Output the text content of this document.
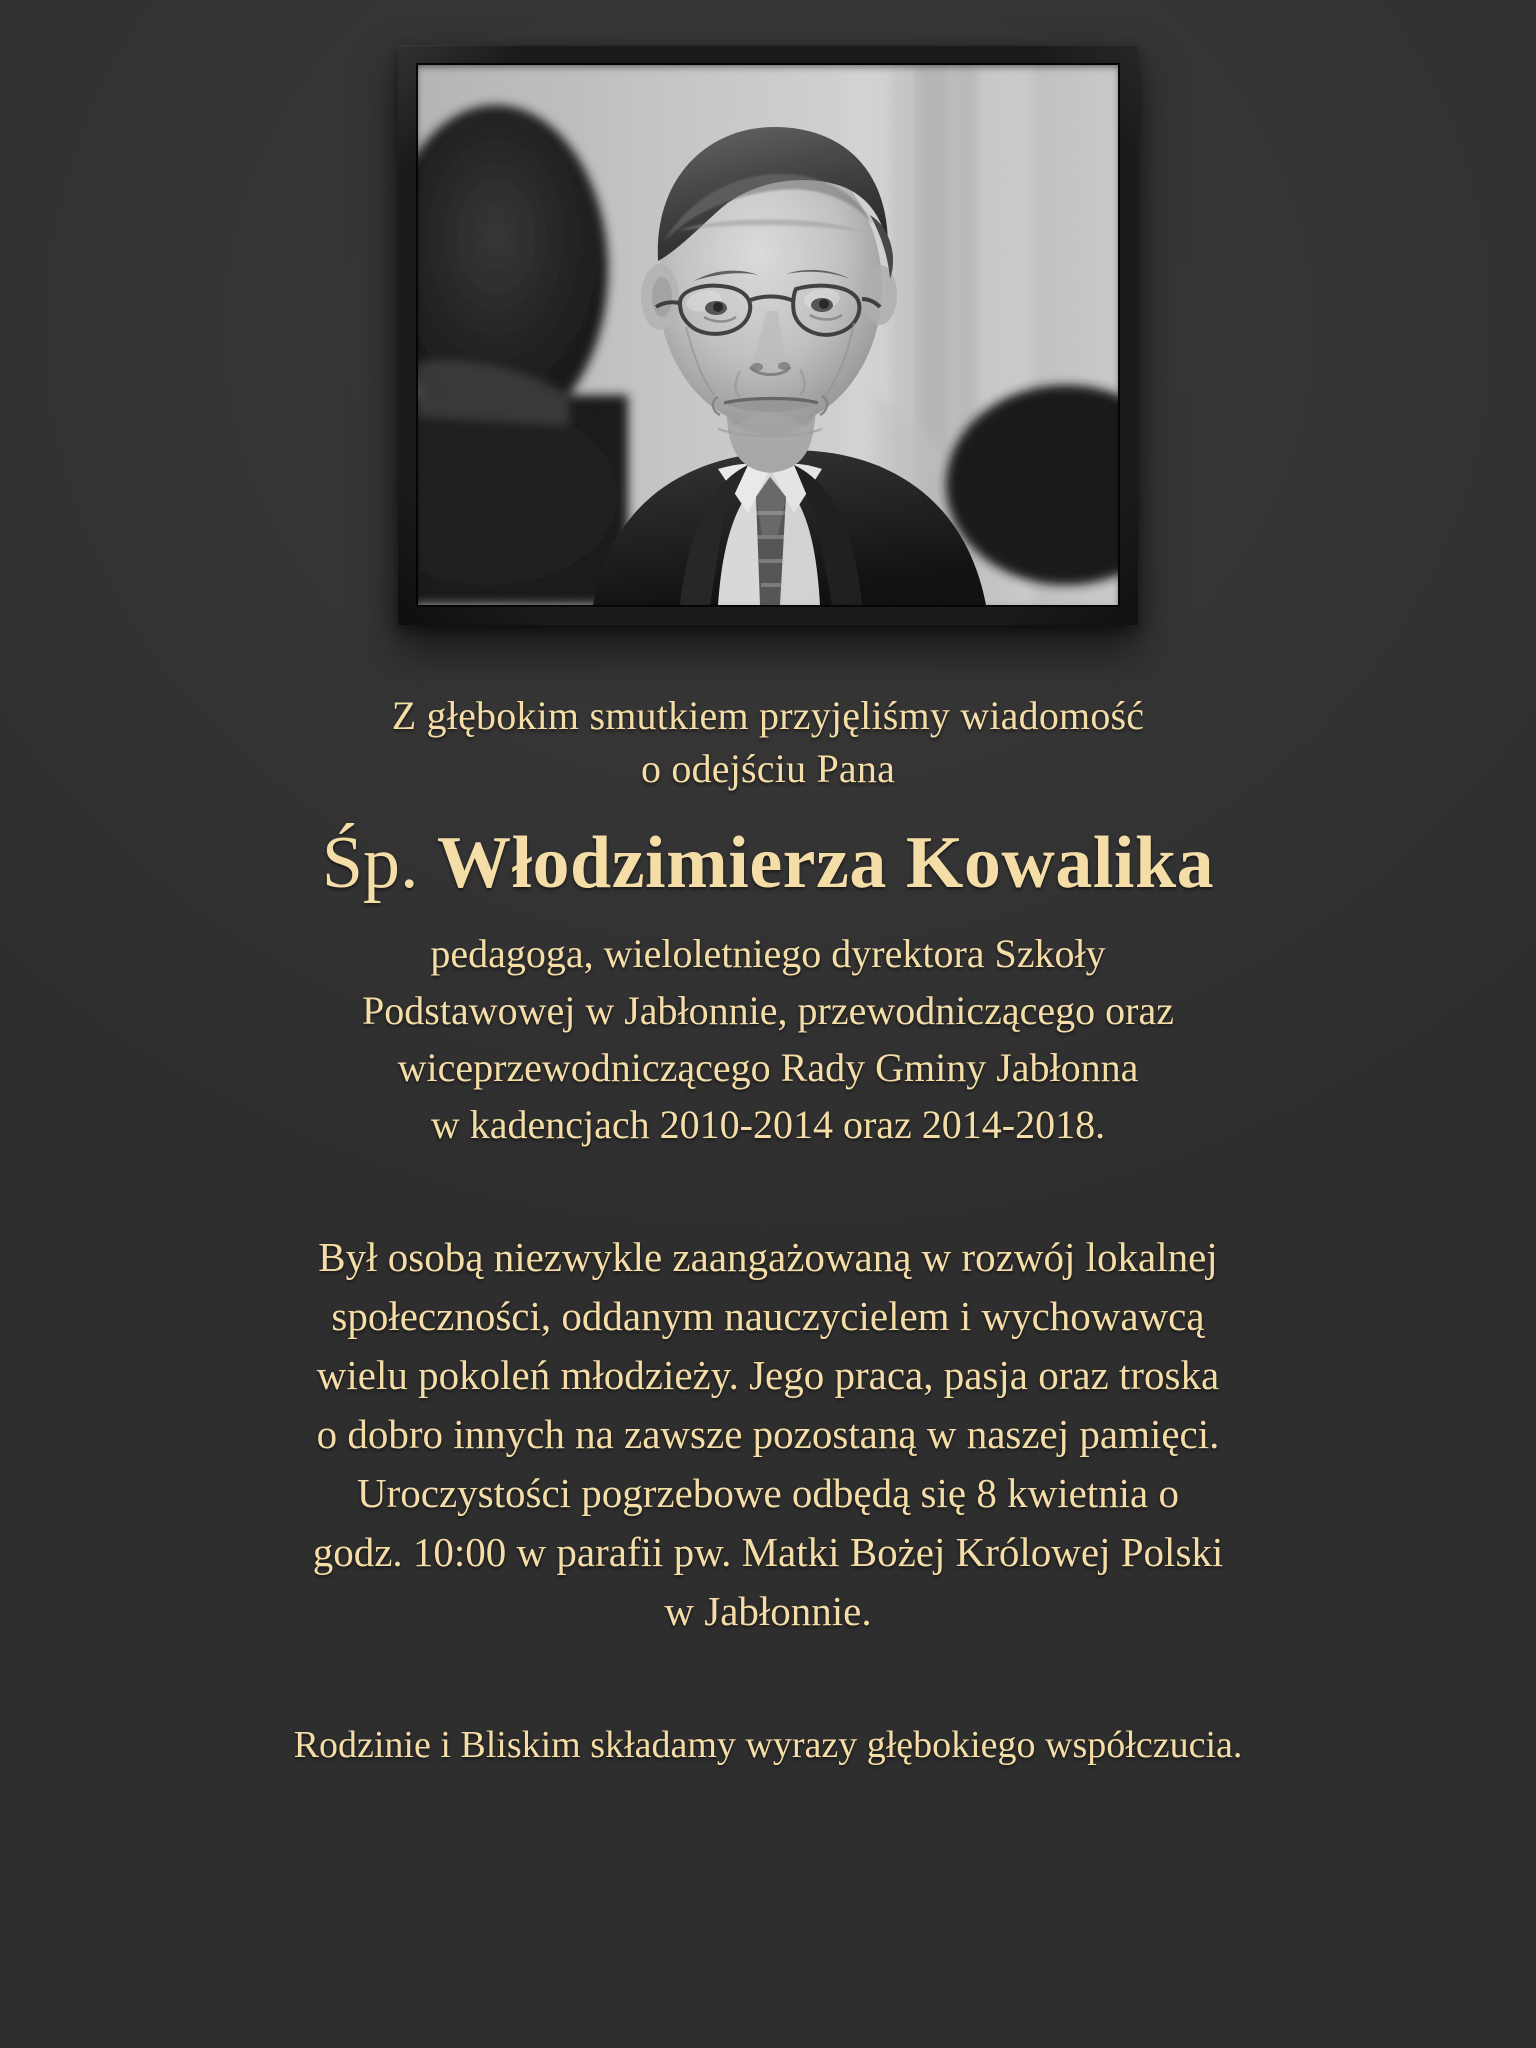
Z głębokim smutkiem przyjęliśmy wiadomość
o odejściu Pana
Śp. Włodzimierza Kowalika
pedagoga, wieloletniego dyrektora Szkoły
Podstawowej w Jabłonnie, przewodniczącego oraz
wiceprzewodniczącego Rady Gminy Jabłonna
w kadencjach 2010-2014 oraz 2014-2018.
Był osobą niezwykle zaangażowaną w rozwój lokalnej
społeczności, oddanym nauczycielem i wychowawcą
wielu pokoleń młodzieży. Jego praca, pasja oraz troska
o dobro innych na zawsze pozostaną w naszej pamięci.
Uroczystości pogrzebowe odbędą się 8 kwietnia o
godz. 10:00 w parafii pw. Matki Bożej Królowej Polski
w Jabłonnie.
Rodzinie i Bliskim składamy wyrazy głębokiego współczucia.
